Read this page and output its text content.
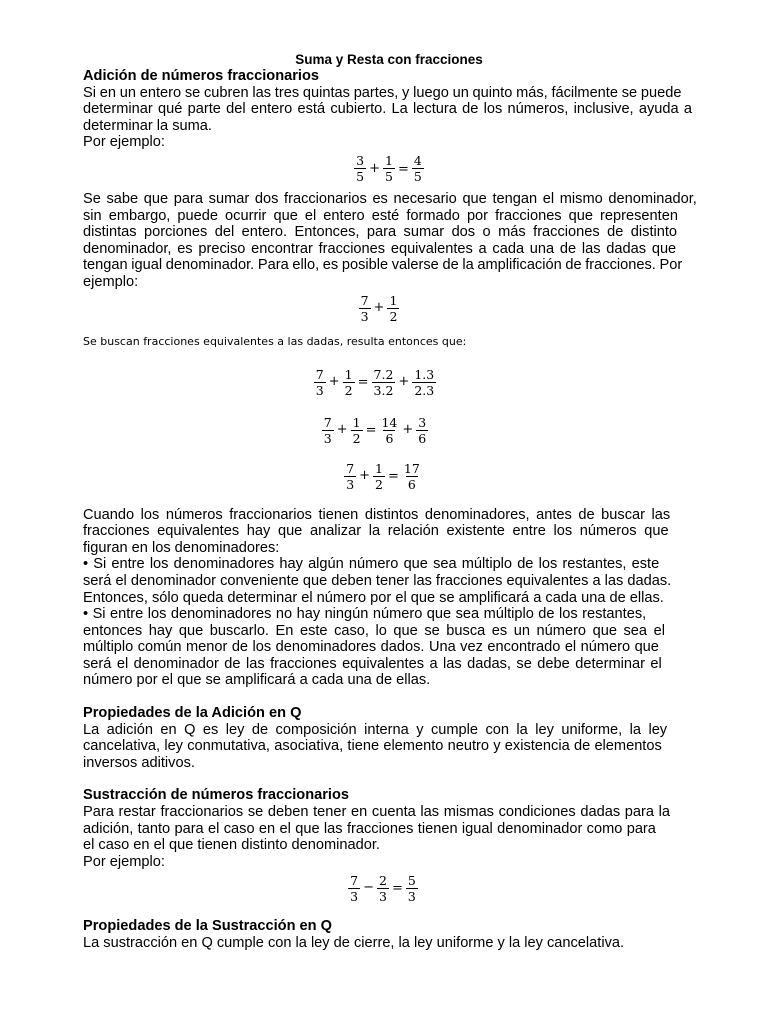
Suma y Resta con fracciones
Adición de números fraccionarios
Si en un entero se cubren las tres quintas partes, y luego un quinto más, fácilmente se puede
determinar qué parte del entero está cubierto. La lectura de los números, inclusive, ayuda a
determinar la suma.
Por ejemplo:
$\frac{3}{5} + \frac{1}{5} = \frac{4}{5}$
Se sabe que para sumar dos fraccionarios es necesario que tengan el mismo denominador,
sin embargo, puede ocurrir que el entero esté formado por fracciones que representen
distintas porciones del entero. Entonces, para sumar dos o más fracciones de distinto
denominador, es preciso encontrar fracciones equivalentes a cada una de las dadas que
tengan igual denominador. Para ello, es posible valerse de la amplificación de fracciones. Por
ejemplo:
$\frac{7}{3} + \frac{1}{2}$
Se buscan fracciones equivalentes a las dadas, resulta entonces que:
$\frac{7}{3} + \frac{1}{2} = \frac{7.2}{3.2} + \frac{1.3}{2.3}$
$\frac{7}{3} + \frac{1}{2} = \frac{14}{6} + \frac{3}{6}$
$\frac{7}{3} + \frac{1}{2} = \frac{17}{6}$
Cuando los números fraccionarios tienen distintos denominadores, antes de buscar las
fracciones equivalentes hay que analizar la relación existente entre los números que
figuran en los denominadores:
• Si entre los denominadores hay algún número que sea múltiplo de los restantes, este
será el denominador conveniente que deben tener las fracciones equivalentes a las dadas.
Entonces, sólo queda determinar el número por el que se amplificará a cada una de ellas.
• Si entre los denominadores no hay ningún número que sea múltiplo de los restantes,
entonces hay que buscarlo. En este caso, lo que se busca es un número que sea el
múltiplo común menor de los denominadores dados. Una vez encontrado el número que
será el denominador de las fracciones equivalentes a las dadas, se debe determinar el
número por el que se amplificará a cada una de ellas.
Propiedades de la Adición en Q
La adición en Q es ley de composición interna y cumple con la ley uniforme, la ley
cancelativa, ley conmutativa, asociativa, tiene elemento neutro y existencia de elementos
inversos aditivos.
Sustracción de números fraccionarios
Para restar fraccionarios se deben tener en cuenta las mismas condiciones dadas para la
adición, tanto para el caso en el que las fracciones tienen igual denominador como para
el caso en el que tienen distinto denominador.
Por ejemplo:
$\frac{7}{3} - \frac{2}{3} = \frac{5}{3}$
Propiedades de la Sustracción en Q
La sustracción en Q cumple con la ley de cierre, la ley uniforme y la ley cancelativa.
